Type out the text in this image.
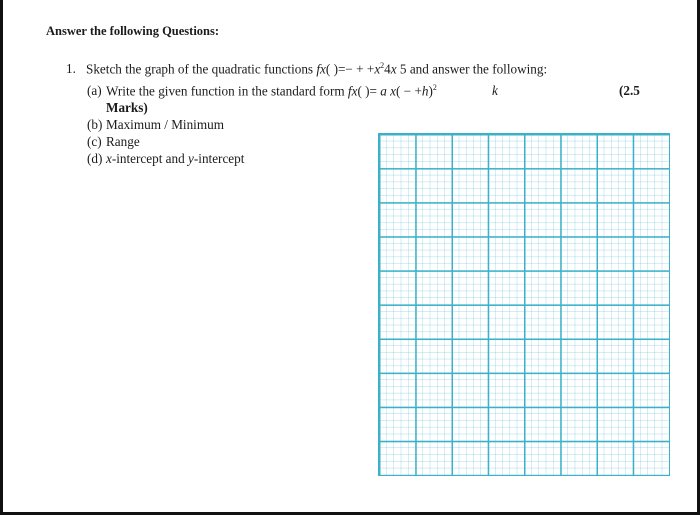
Answer the following Questions:
1. Sketch the graph of the quadratic functions fx( )=− + $+x^24x$ 5 and answer the following:
(a) Write the given function in the standard form fx( )= a $x( - +h)^2$	k	(2.5
Marks)
(b) Maximum / Minimum
(c) Range
(d) x-intercept and y-intercept
